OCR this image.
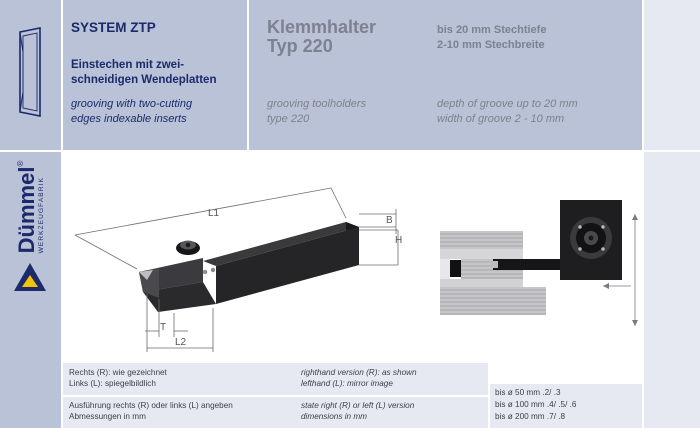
SYSTEM ZTP
Einstechen mit zwei-
schneidigen Wendeplatten
grooving with two-cutting
edges indexable inserts
Klemmhalter
Typ 220
bis 20 mm Stechtiefe
2-10 mm Stechbreite
grooving toolholders
type 220
depth of groove up to 20 mm
width of groove 2 - 10 mm
Dümmel WERKZEUGFABRIK
®
L1
B
H
T
L2
Rechts (R): wie gezeichnet
Links (L): spiegelbildlich
righthand version (R): as shown
lefthand (L): mirror image
Ausführung rechts (R) oder links (L) angeben
Abmessungen in mm
state right (R) or left (L) version
dimensions in mm
bis ø 50 mm .2/ .3
bis ø 100 mm .4/ .5/ .6
bis ø 200 mm .7/ .8
